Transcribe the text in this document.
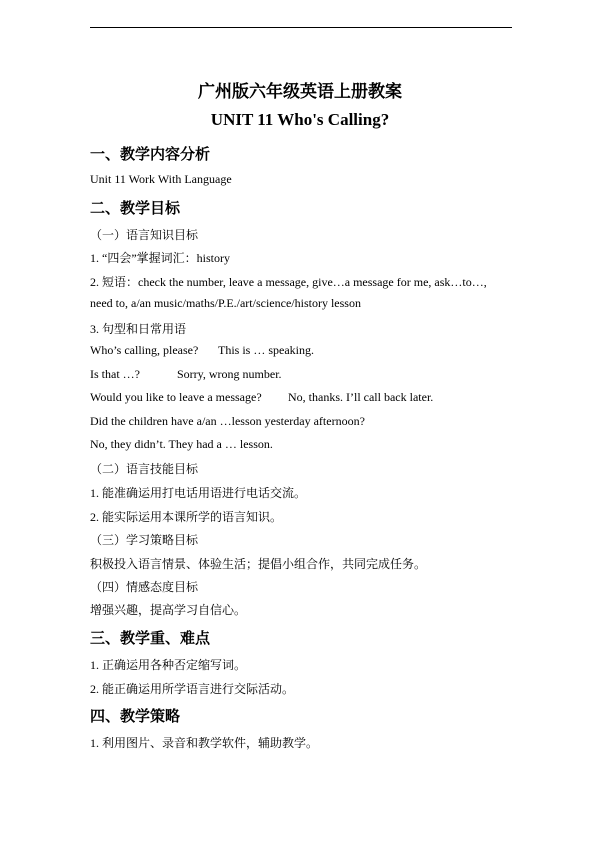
广州版六年级英语上册教案
UNIT 11 Who's Calling?
一、教学内容分析
Unit 11 Work With Language
二、教学目标
（一）语言知识目标
1. “四会”掌握词汇：history
2. 短语：check the number, leave a message, give…a message for me, ask…to…,
need to, a/an music/maths/P.E./art/science/history lesson
3. 句型和日常用语
Who’s calling, please? This is … speaking.
Is that …?	Sorry, wrong number.
Would you like to leave a message? No, thanks. I’ll call back later.
Did the children have a/an …lesson yesterday afternoon?
No, they didn’t. They had a … lesson.
（二）语言技能目标
1. 能准确运用打电话用语进行电话交流。
2. 能实际运用本课所学的语言知识。
（三）学习策略目标
积极投入语言情景、体验生活；提倡小组合作，共同完成任务。
（四）情感态度目标
增强兴趣，提高学习自信心。
三、教学重、难点
1. 正确运用各种否定缩写词。
2. 能正确运用所学语言进行交际活动。
四、教学策略
1. 利用图片、录音和教学软件，辅助教学。
